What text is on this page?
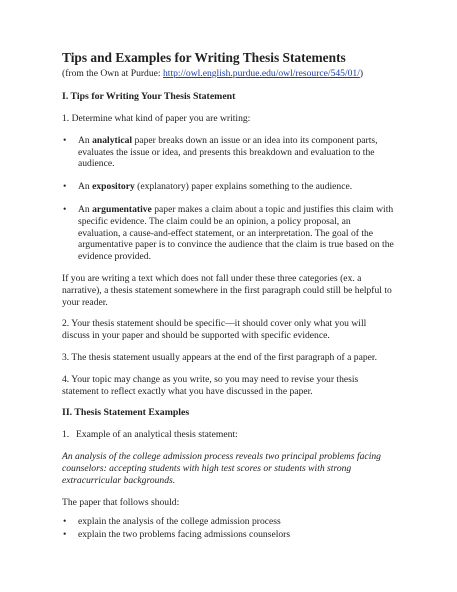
Tips and Examples for Writing Thesis Statements
(from the Own at Purdue: http://owl.english.purdue.edu/owl/resource/545/01/)
I. Tips for Writing Your Thesis Statement

1. Determine what kind of paper you are writing:

• An analytical paper breaks down an issue or an idea into its component parts, evaluates the issue or idea, and presents this breakdown and evaluation to the audience.
• An expository (explanatory) paper explains something to the audience.
• An argumentative paper makes a claim about a topic and justifies this claim with specific evidence. The claim could be an opinion, a policy proposal, an evaluation, a cause-and-effect statement, or an interpretation. The goal of the argumentative paper is to convince the audience that the claim is true based on the evidence provided.

If you are writing a text which does not fall under these three categories (ex. a narrative), a thesis statement somewhere in the first paragraph could still be helpful to your reader.

2. Your thesis statement should be specific—it should cover only what you will discuss in your paper and should be supported with specific evidence.

3. The thesis statement usually appears at the end of the first paragraph of a paper.

4. Your topic may change as you write, so you may need to revise your thesis statement to reflect exactly what you have discussed in the paper.

II. Thesis Statement Examples
1. Example of an analytical thesis statement:
An analysis of the college admission process reveals two principal problems facing counselors: accepting students with high test scores or students with strong extracurricular backgrounds.

The paper that follows should:

• explain the analysis of the college admission process
• explain the two problems facing admissions counselors
